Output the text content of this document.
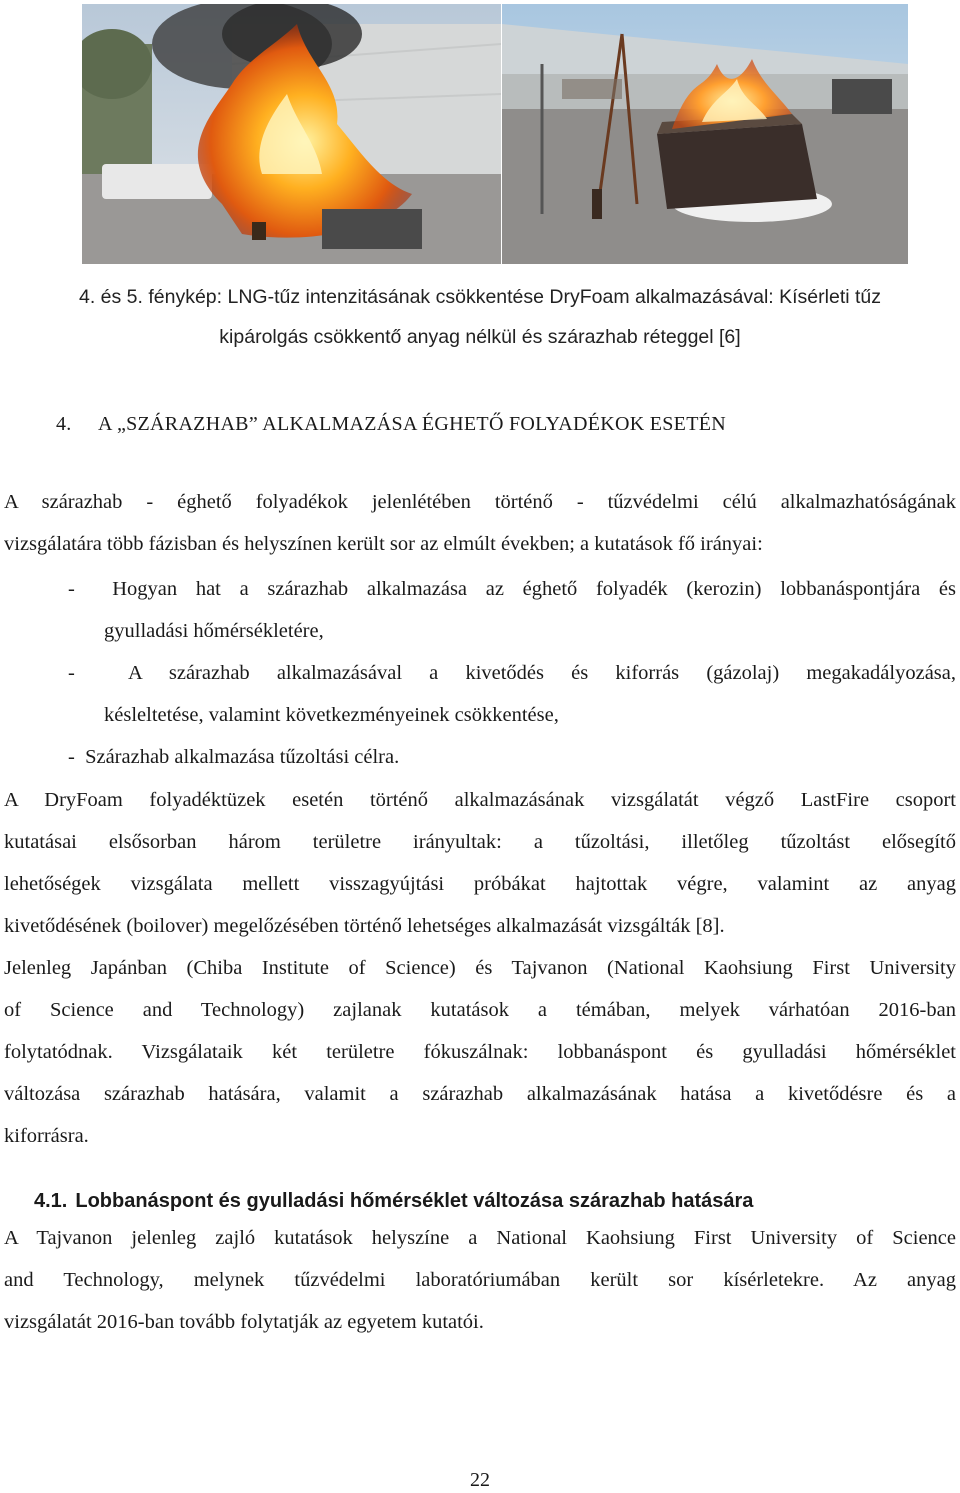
4. és 5. fénykép: LNG-tűz intenzitásának csökkentése DryFoam alkalmazásával: Kísérleti tűz
kipárolgás csökkentő anyag nélkül és szárazhab réteggel [6]
4. A „SZÁRAZHAB” ALKALMAZÁSA ÉGHETŐ FOLYADÉKOK ESETÉN
A szárazhab - éghető folyadékok jelenlétében történő - tűzvédelmi célú alkalmazhatóságának
vizsgálatára több fázisban és helyszínen került sor az elmúlt években; a kutatások fő irányai:
- Hogyan hat a szárazhab alkalmazása az éghető folyadék (kerozin) lobbanáspontjára és
gyulladási hőmérsékletére,
-	A szárazhab alkalmazásával a kivetődés és kiforrás (gázolaj) megakadályozása,
késleltetése, valamint következményeinek csökkentése,
- Szárazhab alkalmazása tűzoltási célra.
A DryFoam folyadéktüzek esetén történő alkalmazásának vizsgálatát végző LastFire csoport
kutatásai elsősorban három területre irányultak: a tűzoltási, illetőleg tűzoltást elősegítő
lehetőségek vizsgálata mellett visszagyújtási próbákat hajtottak végre, valamint az anyag
kivetődésének (boilover) megelőzésében történő lehetséges alkalmazását vizsgálták [8].
Jelenleg Japánban (Chiba Institute of Science) és Tajvanon (National Kaohsiung First University
of Science and Technology) zajlanak kutatások a témában, melyek várhatóan 2016-ban
folytatódnak. Vizsgálataik két területre fókuszálnak: lobbanáspont és gyulladási hőmérséklet
változása szárazhab hatására, valamit a szárazhab alkalmazásának hatása a kivetődésre és a
kiforrásra.
4.1. Lobbanáspont és gyulladási hőmérséklet változása szárazhab hatására
A Tajvanon jelenleg zajló kutatások helyszíne a National Kaohsiung First University of Science
and Technology, melynek tűzvédelmi laboratóriumában került sor kísérletekre. Az anyag
vizsgálatát 2016-ban tovább folytatják az egyetem kutatói.
22
